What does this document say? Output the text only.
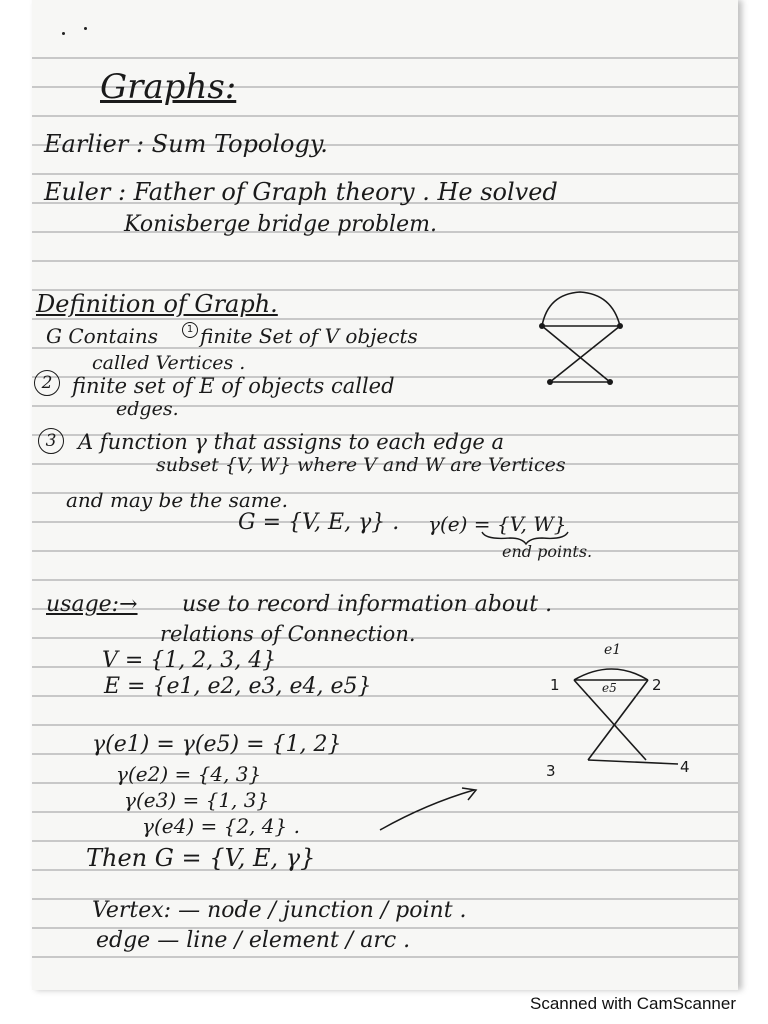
Graphs:
Earlier : Sum Topology.
Euler : Father of Graph theory . He solved
Konisberge bridge problem.
Definition of Graph.
G Contains	1 finite Set of V objects
called Vertices .
2 finite set of E of objects called
edges.
3	A function γ that assigns to each edge a
subset {V, W} where V and W are Vertices
and may be the same.
G = {V, E, γ} . γ(e) = {V, W}
end points.
usage:→ use to record information about .
relations of Connection.
V = {1, 2, 3, 4}
E = {e1, e2, e3, e4, e5}
γ(e1) = γ(e5) = {1, 2}
γ(e2) = {4, 3}
γ(e3) = {1, 3}
γ(e4) = {2, 4} .
Then G = {V, E, γ}
e1
e5
1	2
3	4
Vertex: — node / junction / point .
edge — line / element / arc .
Scanned with CamScanner
